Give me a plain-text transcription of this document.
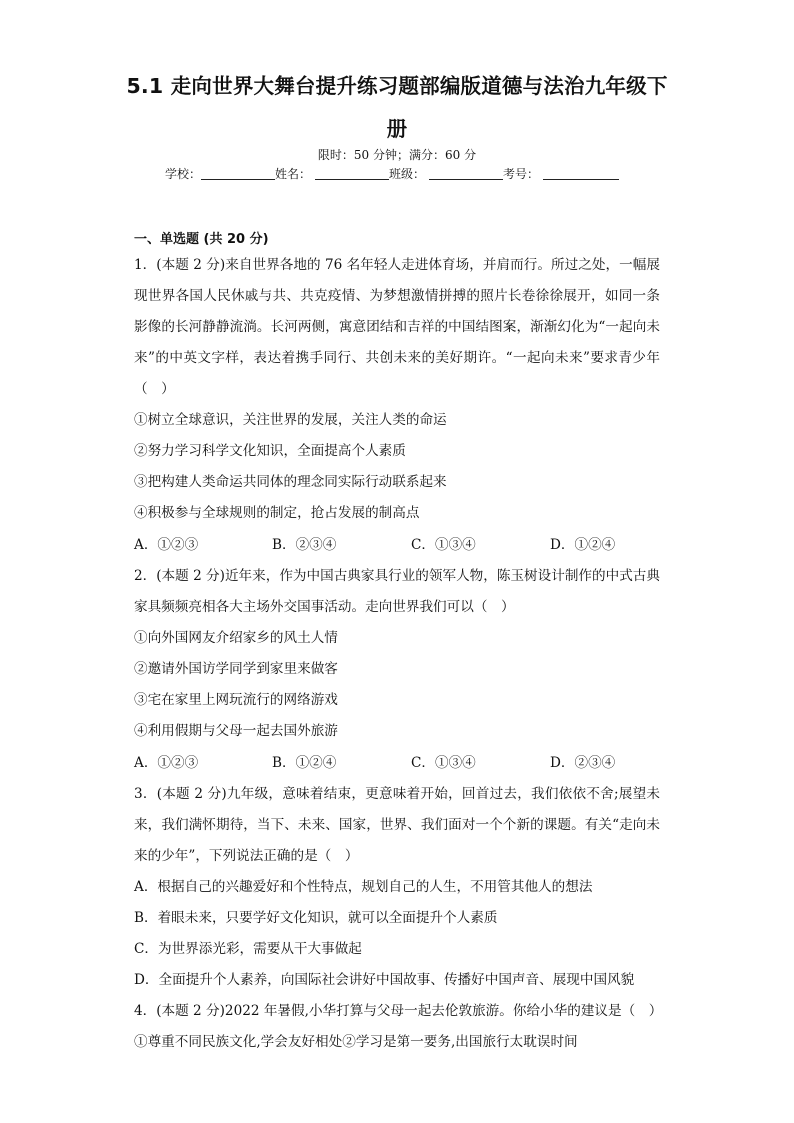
5.1 走向世界大舞台提升练习题部编版道德与法治九年级下
册
限时：50 分钟；满分：60 分
学校：	姓名：	班级：	考号：
一、单选题 (共 20 分)
1．(本题 2 分)来自世界各地的 76 名年轻人走进体育场，并肩而行。所过之处，一幅展现世界各国人民休戚与共、共克疫情、为梦想激情拼搏的照片长卷徐徐展开，如同一条影像的长河静静流淌。长河两侧，寓意团结和吉祥的中国结图案，渐渐幻化为“一起向未来”的中英文字样，表达着携手同行、共创未来的美好期许。“一起向未来”要求青少年（　）
①树立全球意识，关注世界的发展，关注人类的命运
②努力学习科学文化知识，全面提高个人素质
③把构建人类命运共同体的理念同实际行动联系起来
④积极参与全球规则的制定，抢占发展的制高点
A．①②③	B．②③④	C．①③④	D．①②④
2．(本题 2 分)近年来，作为中国古典家具行业的领军人物，陈玉树设计制作的中式古典家具频频亮相各大主场外交国事活动。走向世界我们可以（　）
①向外国网友介绍家乡的风土人情
②邀请外国访学同学到家里来做客
③宅在家里上网玩流行的网络游戏
④利用假期与父母一起去国外旅游
A．①②③	B．①②④	C．①③④	D．②③④
3．(本题 2 分)九年级，意味着结束，更意味着开始，回首过去，我们依依不舍;展望未来，我们满怀期待，当下、未来、国家，世界、我们面对一个个新的课题。有关“走向未来的少年”，下列说法正确的是（　）
A．根据自己的兴趣爱好和个性特点，规划自己的人生，不用管其他人的想法
B．着眼未来，只要学好文化知识，就可以全面提升个人素质
C．为世界添光彩，需要从干大事做起
D．全面提升个人素养，向国际社会讲好中国故事、传播好中国声音、展现中国风貌
4．(本题 2 分)2022 年暑假,小华打算与父母一起去伦敦旅游。你给小华的建议是（　）
①尊重不同民族文化,学会友好相处②学习是第一要务,出国旅行太耽误时间
